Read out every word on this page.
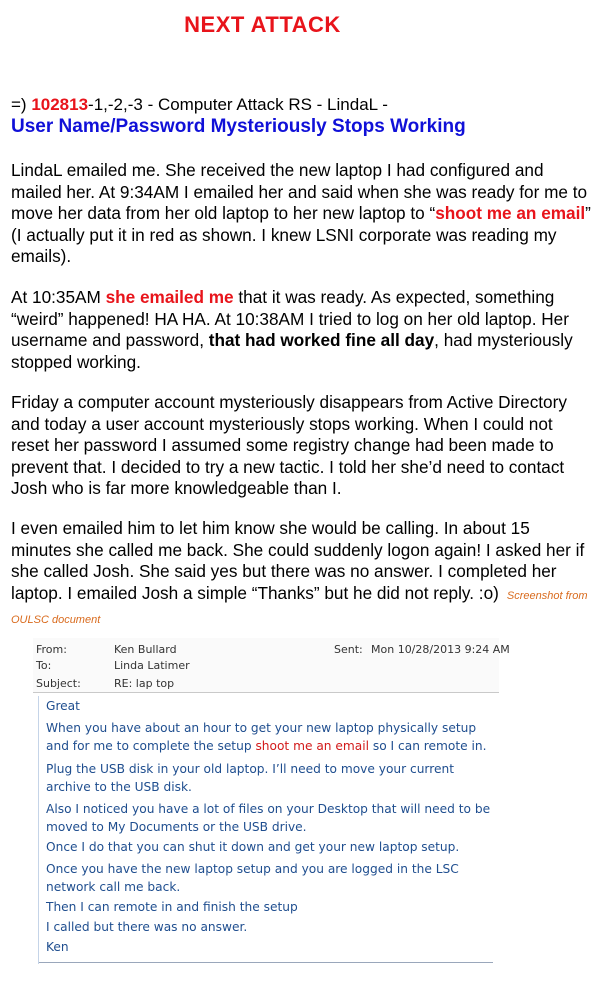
NEXT ATTACK
=) 102813-1,-2,-3 - Computer Attack RS - LindaL -
User Name/Password Mysteriously Stops Working
LindaL emailed me. She received the new laptop I had configured and mailed her. At 9:34AM I emailed her and said when she was ready for me to move her data from her old laptop to her new laptop to “shoot me an email” (I actually put it in red as shown. I knew LSNI corporate was reading my emails).
At 10:35AM she emailed me that it was ready. As expected, something “weird” happened! HA HA. At 10:38AM I tried to log on her old laptop. Her username and password, that had worked fine all day, had mysteriously stopped working.
Friday a computer account mysteriously disappears from Active Directory and today a user account mysteriously stops working. When I could not reset her password I assumed some registry change had been made to prevent that. I decided to try a new tactic. I told her she’d need to contact Josh who is far more knowledgeable than I.
I even emailed him to let him know she would be calling. In about 15 minutes she called me back. She could suddenly logon again! I asked her if she called Josh. She said yes but there was no answer. I completed her laptop. I emailed Josh a simple “Thanks” but he did not reply. :o) Screenshot from OULSC document
From:	Ken Bullard	Sent: Mon 10/28/2013 9:24 AM
To:	Linda Latimer
Subject:	RE: lap top
Great
When you have about an hour to get your new laptop physically setup
and for me to complete the setup shoot me an email so I can remote in.
Plug the USB disk in your old laptop. I’ll need to move your current
archive to the USB disk.
Also I noticed you have a lot of files on your Desktop that will need to be
moved to My Documents or the USB drive.
Once I do that you can shut it down and get your new laptop setup.
Once you have the new laptop setup and you are logged in the LSC
network call me back.
Then I can remote in and finish the setup
I called but there was no answer.
Ken
